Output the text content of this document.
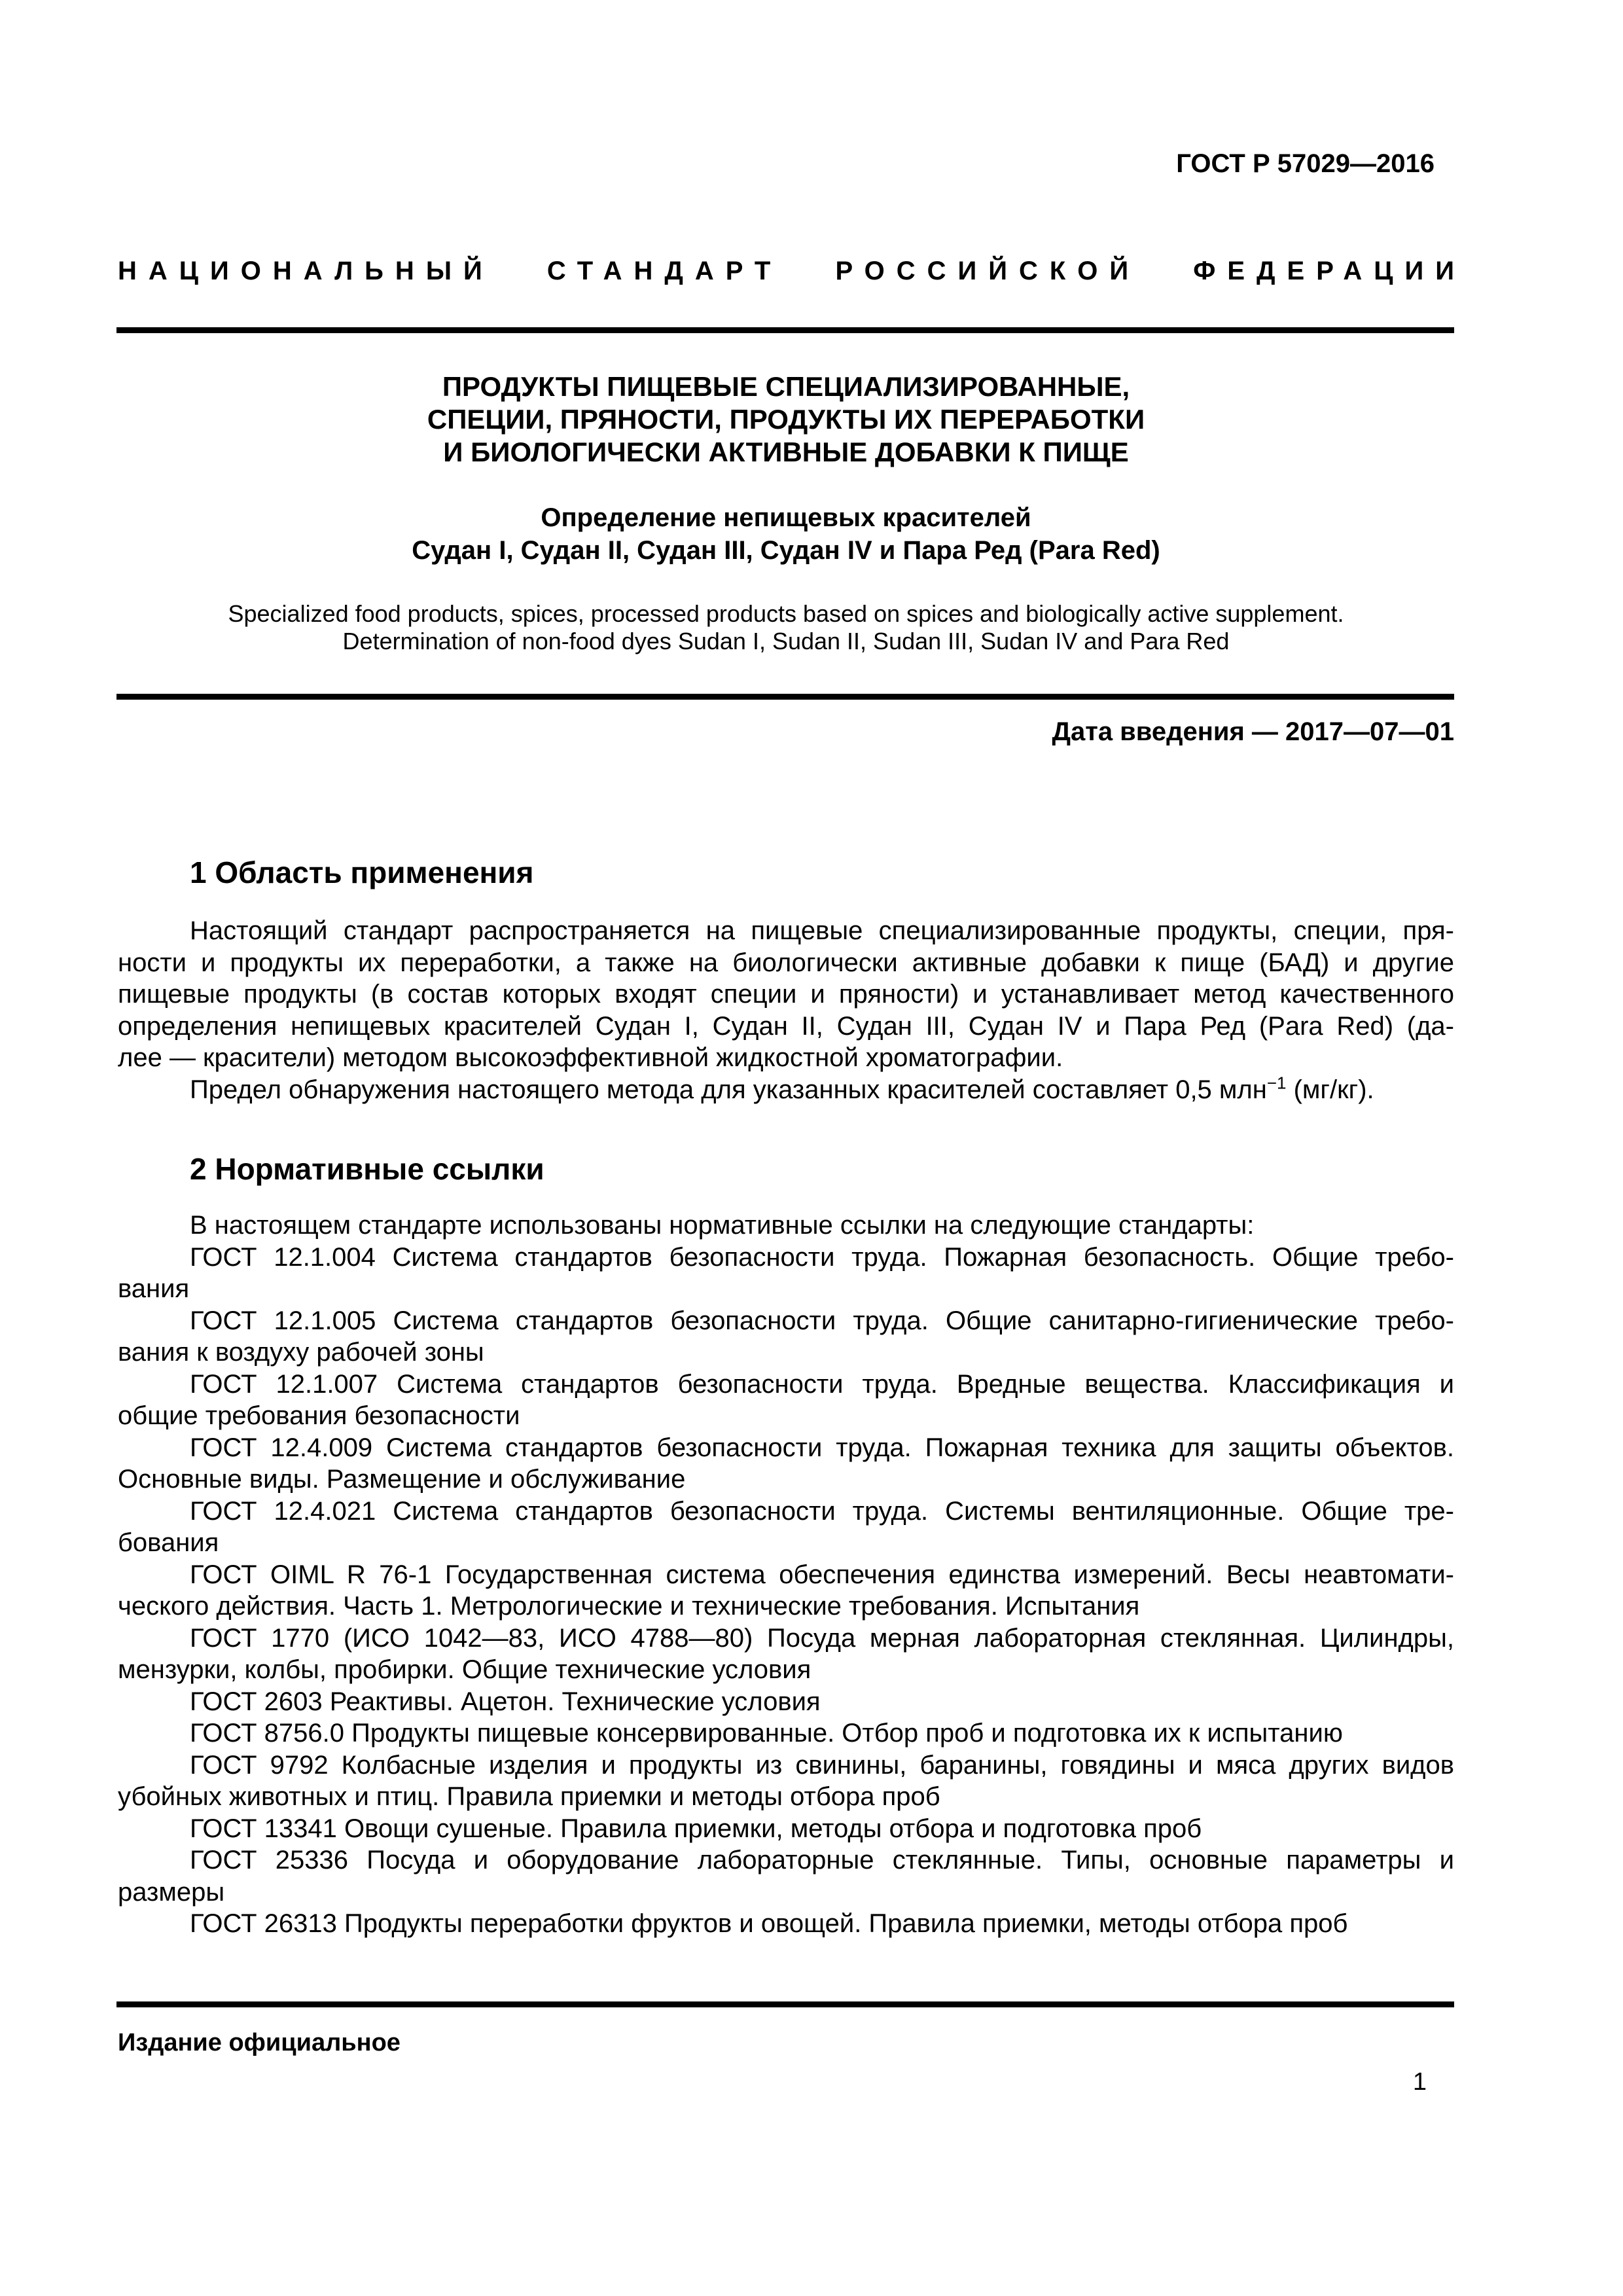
ГОСТ Р 57029—2016
НАЦИОНАЛЬНЫЙ СТАНДАРТ РОССИЙСКОЙ ФЕДЕРАЦИИ
ПРОДУКТЫ ПИЩЕВЫЕ СПЕЦИАЛИЗИРОВАННЫЕ,
СПЕЦИИ, ПРЯНОСТИ, ПРОДУКТЫ ИХ ПЕРЕРАБОТКИ
И БИОЛОГИЧЕСКИ АКТИВНЫЕ ДОБАВКИ К ПИЩЕ
Определение непищевых красителей
Судан I, Судан II, Судан III, Судан IV и Пара Ред (Para Red)
Specialized food products, spices, processed products based on spices and biologically active supplement.
Determination of non-food dyes Sudan I, Sudan II, Sudan III, Sudan IV and Para Red
Дата введения — 2017—07—01
1 Область применения
Настоящий стандарт распространяется на пищевые специализированные продукты, специи, пря-
ности и продукты их переработки, а также на биологически активные добавки к пище (БАД) и другие
пищевые продукты (в состав которых входят специи и пряности) и устанавливает метод качественного
определения непищевых красителей Судан I, Судан II, Судан III, Судан IV и Пара Ред (Para Red) (да-
лее — красители) методом высокоэффективной жидкостной хроматографии.
Предел обнаружения настоящего метода для указанных красителей составляет 0,5 млн$^{-1}$ (мг/кг).
2 Нормативные ссылки
В настоящем стандарте использованы нормативные ссылки на следующие стандарты:
ГОСТ 12.1.004 Система стандартов безопасности труда. Пожарная безопасность. Общие требо-
вания
ГОСТ 12.1.005 Система стандартов безопасности труда. Общие санитарно-гигиенические требо-
вания к воздуху рабочей зоны
ГОСТ 12.1.007 Система стандартов безопасности труда. Вредные вещества. Классификация и
общие требования безопасности
ГОСТ 12.4.009 Система стандартов безопасности труда. Пожарная техника для защиты объектов.
Основные виды. Размещение и обслуживание
ГОСТ 12.4.021 Система стандартов безопасности труда. Системы вентиляционные. Общие тре-
бования
ГОСТ OIML R 76-1 Государственная система обеспечения единства измерений. Весы неавтомати-
ческого действия. Часть 1. Метрологические и технические требования. Испытания
ГОСТ 1770 (ИСО 1042—83, ИСО 4788—80) Посуда мерная лабораторная стеклянная. Цилиндры,
мензурки, колбы, пробирки. Общие технические условия
ГОСТ 2603 Реактивы. Ацетон. Технические условия
ГОСТ 8756.0 Продукты пищевые консервированные. Отбор проб и подготовка их к испытанию
ГОСТ 9792 Колбасные изделия и продукты из свинины, баранины, говядины и мяса других видов
убойных животных и птиц. Правила приемки и методы отбора проб
ГОСТ 13341 Овощи сушеные. Правила приемки, методы отбора и подготовка проб
ГОСТ 25336 Посуда и оборудование лабораторные стеклянные. Типы, основные параметры и
размеры
ГОСТ 26313 Продукты переработки фруктов и овощей. Правила приемки, методы отбора проб
Издание официальное
1
